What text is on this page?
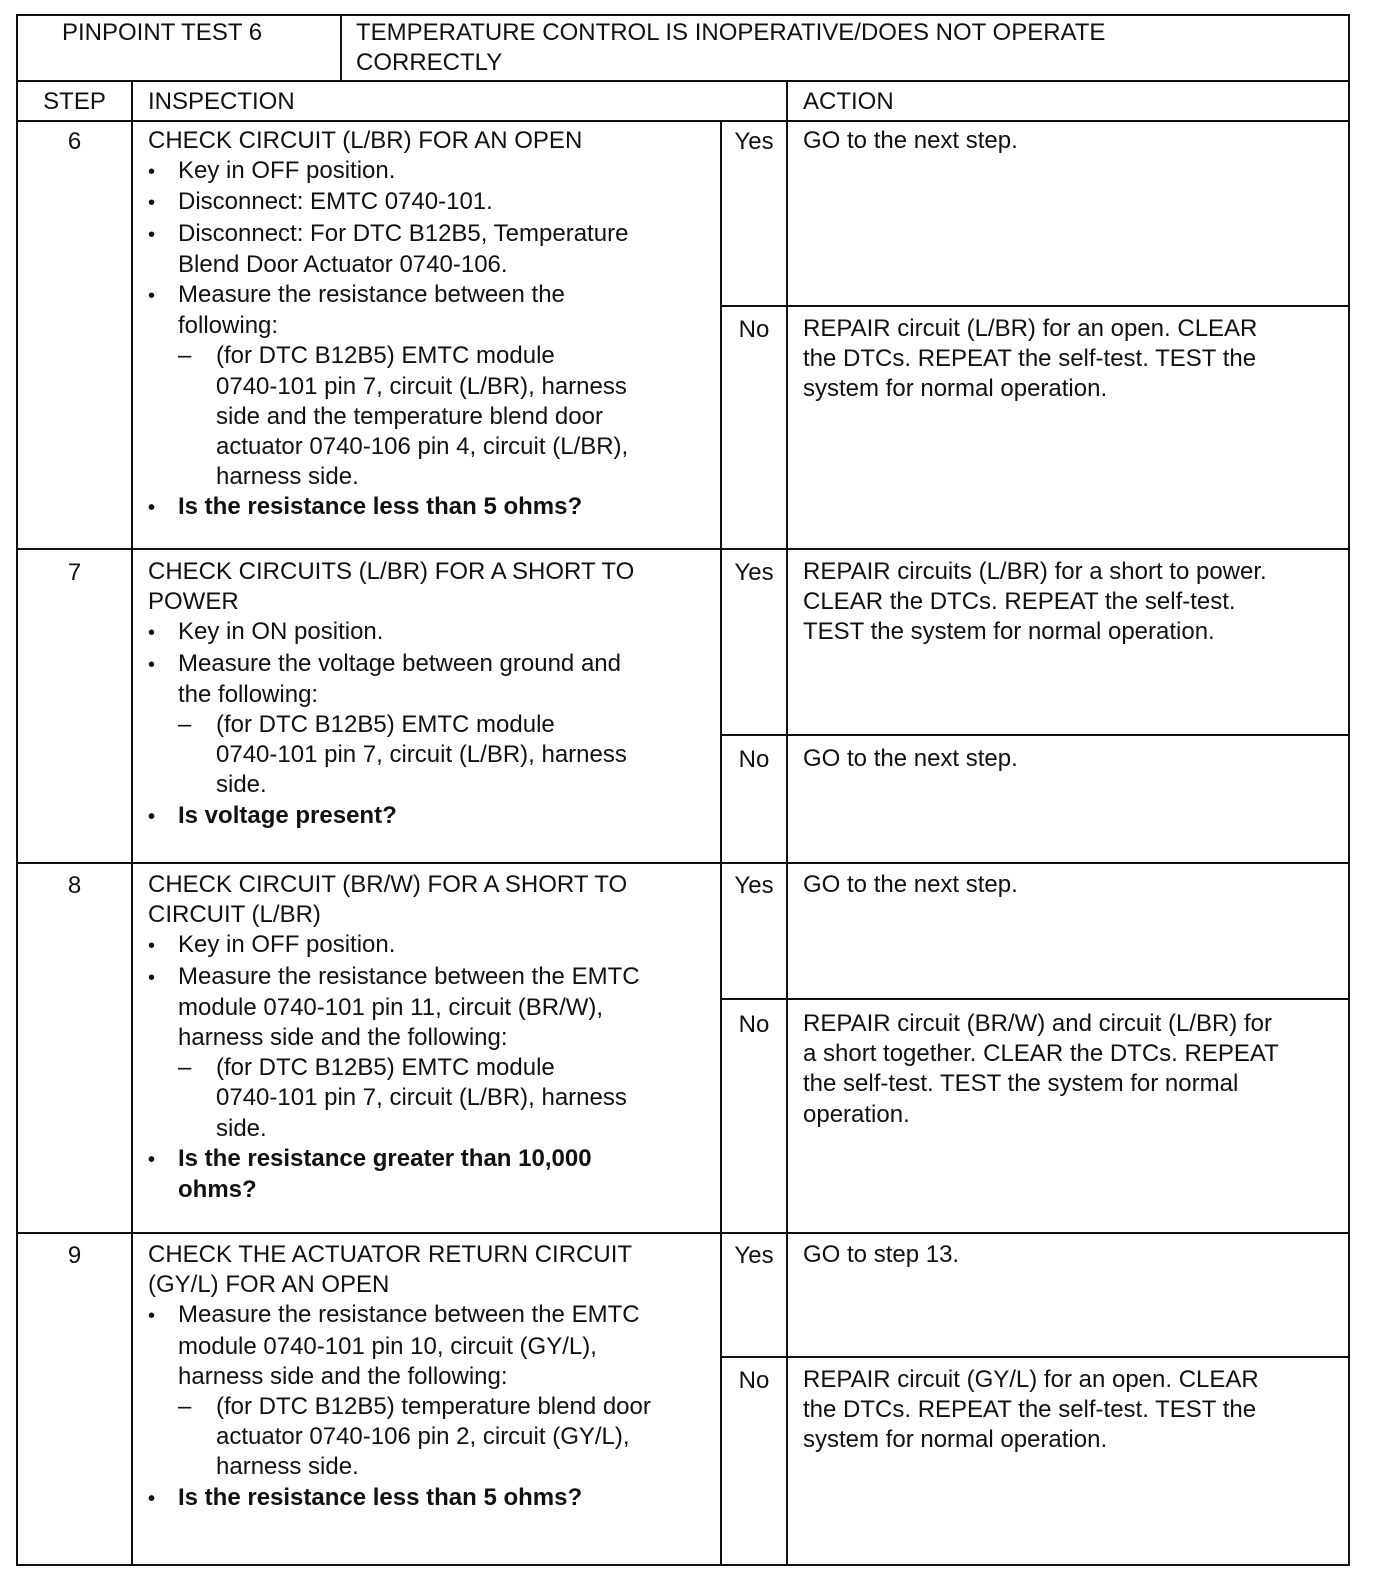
PINPOINT TEST 6	TEMPERATURE CONTROL IS INOPERATIVE/DOES NOT OPERATE
CORRECTLY
STEP	INSPECTION	ACTION
6	CHECK CIRCUIT (L/BR) FOR AN OPEN
• Key in OFF position.
• Disconnect: EMTC 0740-101.
• Disconnect: For DTC B12B5, Temperature
Blend Door Actuator 0740-106.
• Measure the resistance between the
following:
– (for DTC B12B5) EMTC module
0740-101 pin 7, circuit (L/BR), harness
side and the temperature blend door
actuator 0740-106 pin 4, circuit (L/BR),
harness side.
• Is the resistance less than 5 ohms?
Yes	GO to the next step.
No	REPAIR circuit (L/BR) for an open. CLEAR
the DTCs. REPEAT the self-test. TEST the
system for normal operation.
7	CHECK CIRCUITS (L/BR) FOR A SHORT TO
POWER
• Key in ON position.
• Measure the voltage between ground and
the following:
– (for DTC B12B5) EMTC module
0740-101 pin 7, circuit (L/BR), harness
side.
• Is voltage present?
Yes	REPAIR circuits (L/BR) for a short to power.
CLEAR the DTCs. REPEAT the self-test.
TEST the system for normal operation.
No	GO to the next step.
8	CHECK CIRCUIT (BR/W) FOR A SHORT TO
CIRCUIT (L/BR)
• Key in OFF position.
• Measure the resistance between the EMTC
module 0740-101 pin 11, circuit (BR/W),
harness side and the following:
– (for DTC B12B5) EMTC module
0740-101 pin 7, circuit (L/BR), harness
side.
• Is the resistance greater than 10,000
ohms?
Yes	GO to the next step.
No	REPAIR circuit (BR/W) and circuit (L/BR) for
a short together. CLEAR the DTCs. REPEAT
the self-test. TEST the system for normal
operation.
9	CHECK THE ACTUATOR RETURN CIRCUIT
(GY/L) FOR AN OPEN
• Measure the resistance between the EMTC
module 0740-101 pin 10, circuit (GY/L),
harness side and the following:
– (for DTC B12B5) temperature blend door
actuator 0740-106 pin 2, circuit (GY/L),
harness side.
• Is the resistance less than 5 ohms?
Yes	GO to step 13.
No	REPAIR circuit (GY/L) for an open. CLEAR
the DTCs. REPEAT the self-test. TEST the
system for normal operation.
